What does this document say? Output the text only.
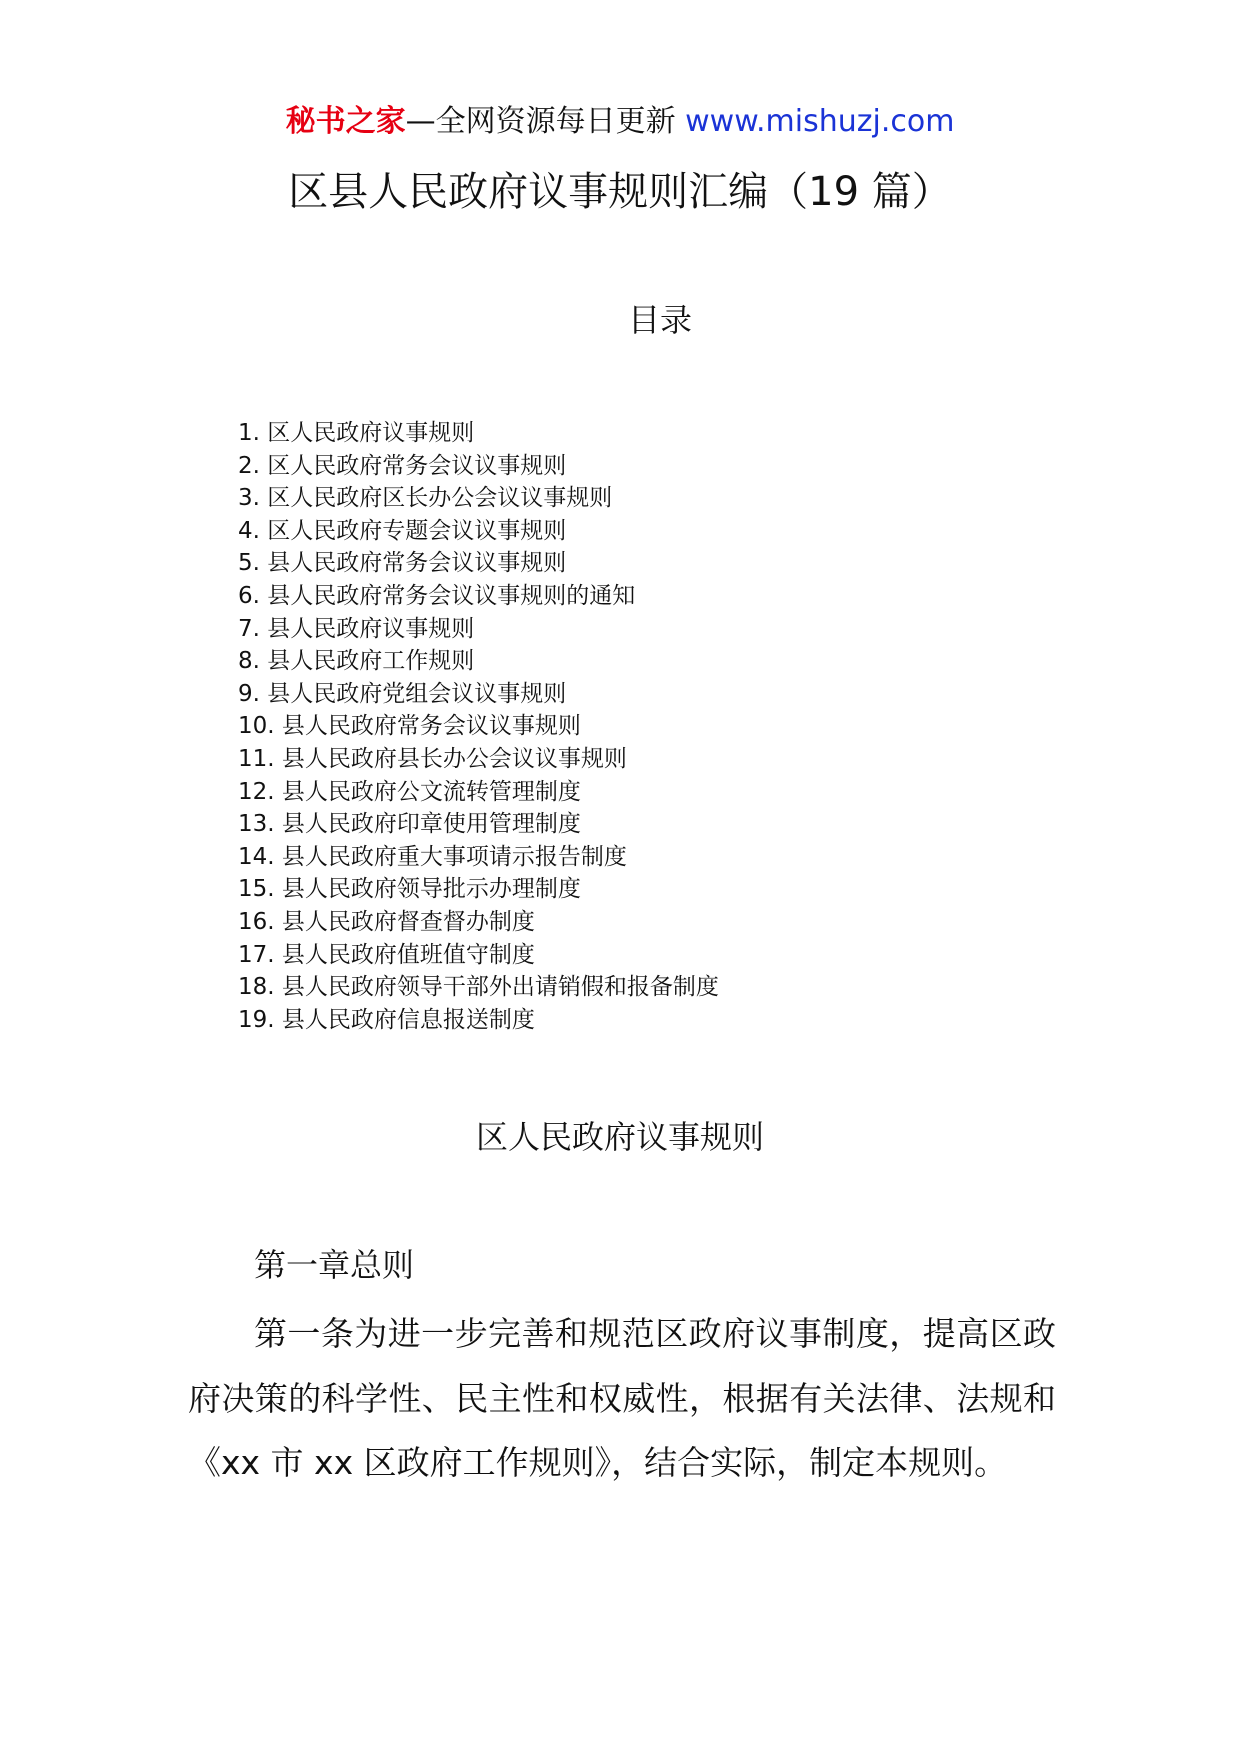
秘书之家—全网资源每日更新 www.mishuzj.com
区县人民政府议事规则汇编（19 篇）
目录
1. 区人民政府议事规则
2. 区人民政府常务会议议事规则
3. 区人民政府区长办公会议议事规则
4. 区人民政府专题会议议事规则
5. 县人民政府常务会议议事规则
6. 县人民政府常务会议议事规则的通知
7. 县人民政府议事规则
8. 县人民政府工作规则
9. 县人民政府党组会议议事规则
10. 县人民政府常务会议议事规则
11. 县人民政府县长办公会议议事规则
12. 县人民政府公文流转管理制度
13. 县人民政府印章使用管理制度
14. 县人民政府重大事项请示报告制度
15. 县人民政府领导批示办理制度
16. 县人民政府督查督办制度
17. 县人民政府值班值守制度
18. 县人民政府领导干部外出请销假和报备制度
19. 县人民政府信息报送制度
区人民政府议事规则
第一章总则

第一条为进一步完善和规范区政府议事制度，提高区政府决策的科学性、民主性和权威性，根据有关法律、法规和《xx 市 xx 区政府工作规则》，结合实际，制定本规则。
